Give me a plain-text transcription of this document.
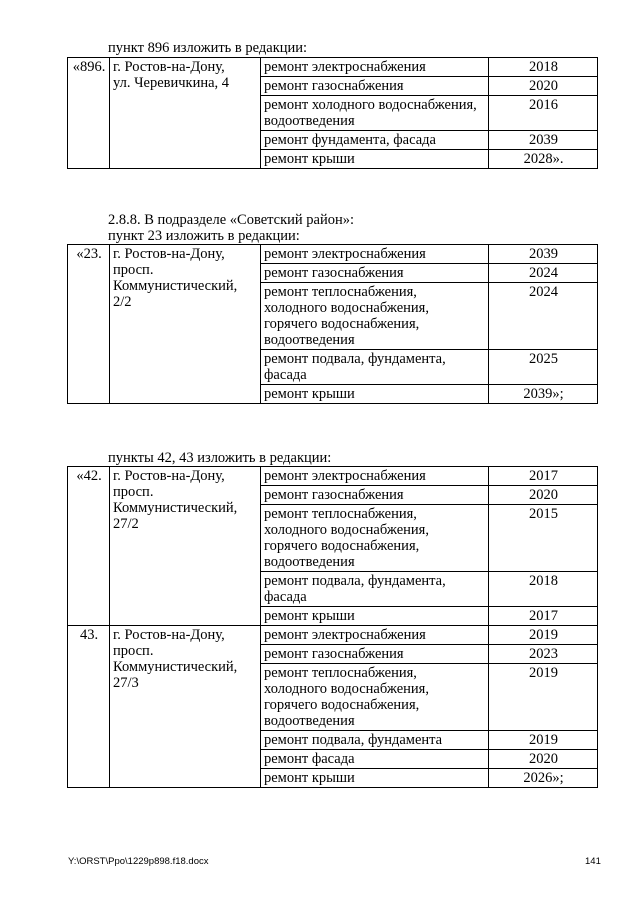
пункт 896 изложить в редакции:
«896.	г. Ростов-на-Дону,
ул. Черевичкина, 4	ремонт электроснабжения	2018

		ремонт газоснабжения	2020

		ремонт холодного водоснабжения,
водоотведения	2016

		ремонт фундамента, фасада	2039

		ремонт крыши	2028».
2.8.8. В подразделе «Советский район»:
пункт 23 изложить в редакции:
«23.	г. Ростов-на-Дону,
просп.
Коммунистический, 2/2	ремонт электроснабжения	2039

		ремонт газоснабжения	2024

		ремонт теплоснабжения,
холодного водоснабжения,
горячего водоснабжения,
водоотведения	2024

		ремонт подвала, фундамента,
фасада	2025

		ремонт крыши	2039»;
пункты 42, 43 изложить в редакции:
«42.	г. Ростов-на-Дону,
просп.
Коммунистический, 27/2	ремонт электроснабжения	2017

		ремонт газоснабжения	2020

		ремонт теплоснабжения,
холодного водоснабжения,
горячего водоснабжения,
водоотведения	2015

		ремонт подвала, фундамента,
фасада	2018

		ремонт крыши	2017
43.	г. Ростов-на-Дону,
просп.
Коммунистический, 27/3	ремонт электроснабжения	2019

		ремонт газоснабжения	2023

		ремонт теплоснабжения,
холодного водоснабжения,
горячего водоснабжения,
водоотведения	2019

		ремонт подвала, фундамента	2019

		ремонт фасада	2020

		ремонт крыши	2026»;
Y:\ORST\Ppo\1229p898.f18.docx	141
